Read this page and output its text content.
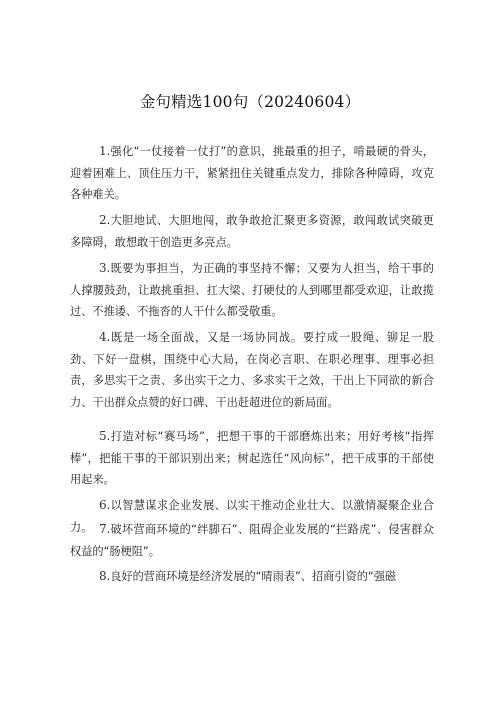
金句精选100句（20240604）

1.强化“一仗接着一仗打”的意识，挑最重的担子，啃最硬的骨头，迎着困难上、顶住压力干，紧紧扭住关键重点发力，排除各种障碍，攻克各种难关。

2.大胆地试、大胆地闯，敢争敢抢汇聚更多资源，敢闯敢试突破更多障碍，敢想敢干创造更多亮点。

3.既要为事担当，为正确的事坚持不懈；又要为人担当，给干事的人撑腰鼓劲，让敢挑重担、扛大梁、打硬仗的人到哪里都受欢迎，让敢揽过、不推诿、不拖沓的人干什么都受敬重。

4.既是一场全面战，又是一场协同战。要拧成一股绳、铆足一股劲、下好一盘棋，围绕中心大局，在岗必言职、在职必理事、理事必担责，多思实干之责、多出实干之力、多求实干之效，干出上下同欲的新合力、干出群众点赞的好口碑、干出赶超进位的新局面。

5.打造对标“赛马场”，把想干事的干部磨炼出来；用好考核“指挥棒”，把能干事的干部识别出来；树起选任“风向标”，把干成事的干部使用起来。

6.以智慧谋求企业发展、以实干推动企业壮大、以激情凝聚企业合力。 7.破坏营商环境的“绊脚石”、阻碍企业发展的“拦路虎”、侵害群众权益的“肠梗阻”。

8.良好的营商环境是经济发展的“晴雨表”、招商引资的“强磁
